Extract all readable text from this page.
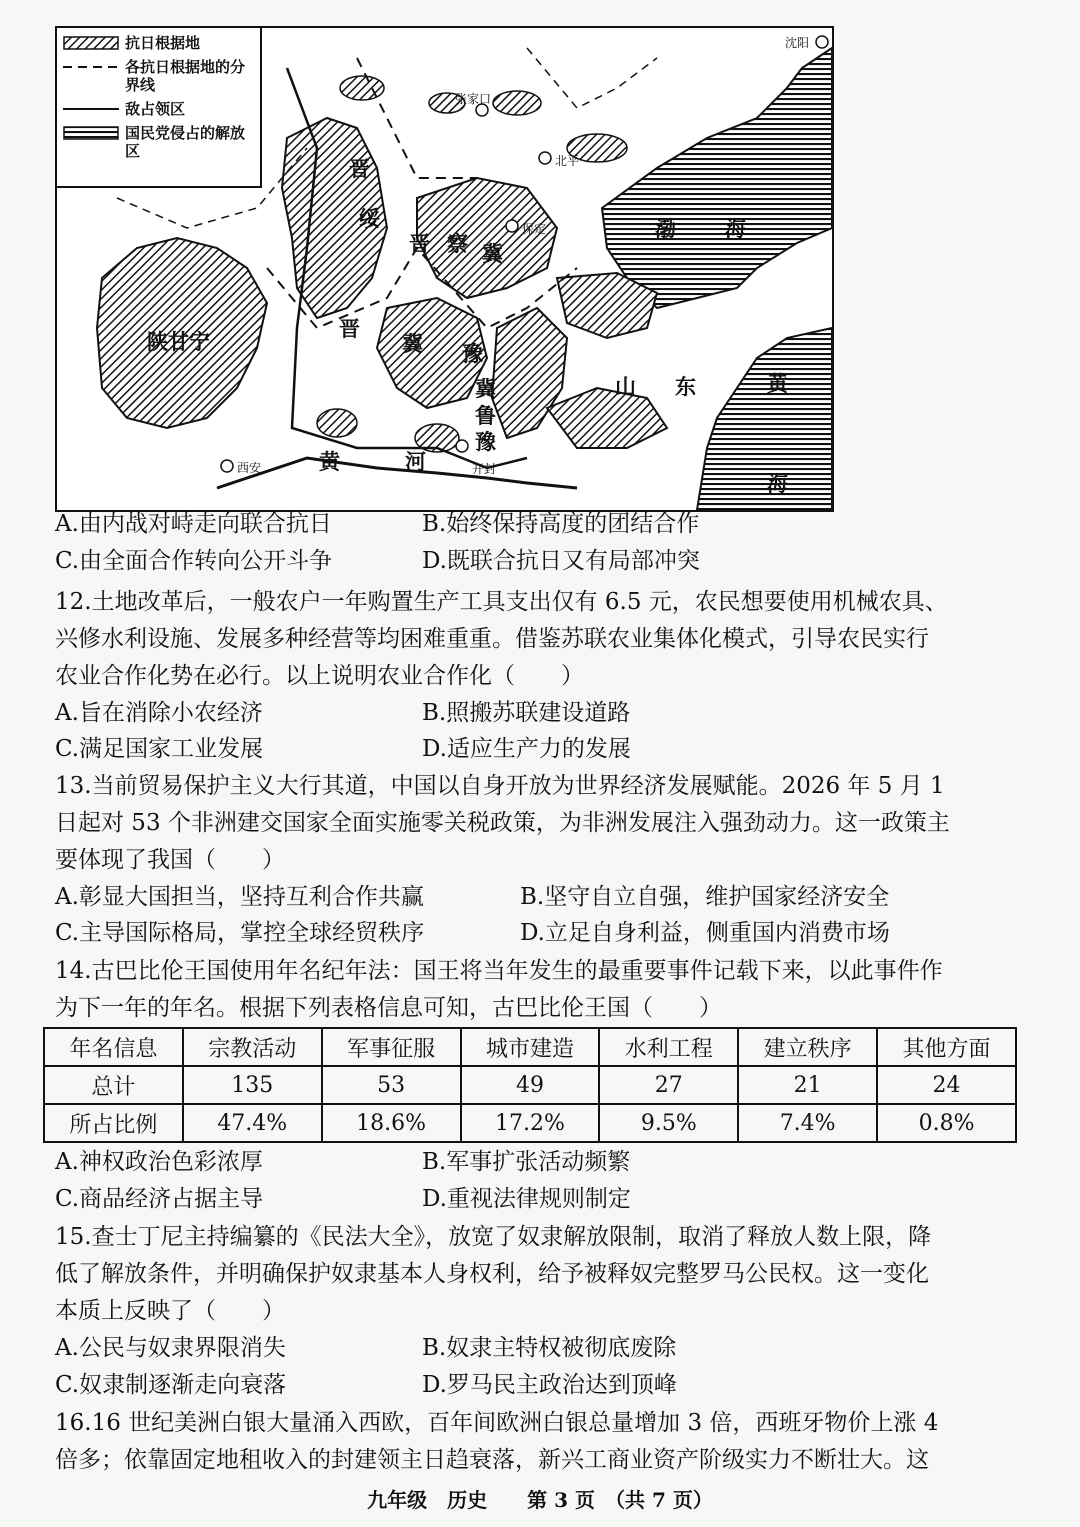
抗日根据地
各抗日根据地的分界线
敌占领区
国民党侵占的解放区
陕甘宁
晋
绥
晋 察 冀
晋
冀 豫
冀
鲁
豫
山 东
渤 海
黄
海
黄	河
沈阳
张家口
北平
保定
西安	开封
A.由内战对峙走向联合抗日	B.始终保持高度的团结合作
C.由全面合作转向公开斗争	D.既联合抗日又有局部冲突
12.土地改革后，一般农户一年购置生产工具支出仅有 6.5 元，农民想要使用机械农具、
兴修水利设施、发展多种经营等均困难重重。借鉴苏联农业集体化模式，引导农民实行
农业合作化势在必行。以上说明农业合作化（　　）
A.旨在消除小农经济	B.照搬苏联建设道路
C.满足国家工业发展	D.适应生产力的发展
13.当前贸易保护主义大行其道，中国以自身开放为世界经济发展赋能。2026 年 5 月 1
日起对 53 个非洲建交国家全面实施零关税政策，为非洲发展注入强劲动力。这一政策主
要体现了我国（　　）
A.彰显大国担当，坚持互利合作共赢	B.坚守自立自强，维护国家经济安全
C.主导国际格局，掌控全球经贸秩序	D.立足自身利益，侧重国内消费市场
14.古巴比伦王国使用年名纪年法：国王将当年发生的最重要事件记载下来，以此事件作
为下一年的年名。根据下列表格信息可知，古巴比伦王国（　　）
年名信息	宗教活动	军事征服	城市建造	水利工程	建立秩序	其他方面
总计	135	53	49	27	21	24
所占比例	47.4%	18.6%	17.2%	9.5%	7.4%	0.8%
A.神权政治色彩浓厚	B.军事扩张活动频繁
C.商品经济占据主导	D.重视法律规则制定
15.查士丁尼主持编纂的《民法大全》，放宽了奴隶解放限制，取消了释放人数上限，降
低了解放条件，并明确保护奴隶基本人身权利，给予被释奴完整罗马公民权。这一变化
本质上反映了（　　）
A.公民与奴隶界限消失	B.奴隶主特权被彻底废除
C.奴隶制逐渐走向衰落	D.罗马民主政治达到顶峰
16.16 世纪美洲白银大量涌入西欧，百年间欧洲白银总量增加 3 倍，西班牙物价上涨 4
倍多；依靠固定地租收入的封建领主日趋衰落，新兴工商业资产阶级实力不断壮大。这
九年级　历史　　第 3 页　（共 7 页）
